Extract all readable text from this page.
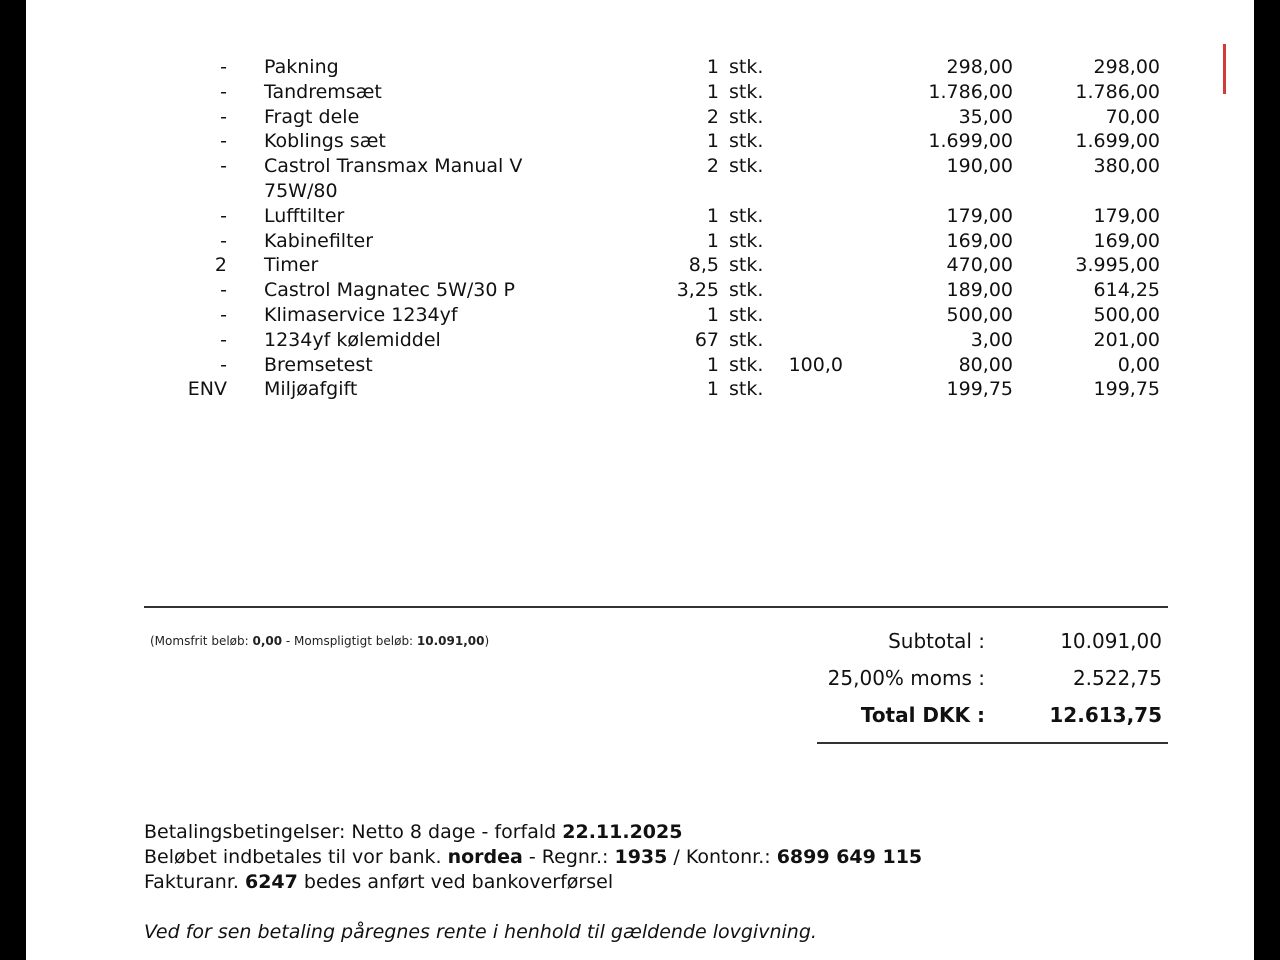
- Pakning	1 stk.	298,00	298,00
- Tandremsæt	1 stk.	1.786,00	1.786,00
- Fragt dele	2 stk.	35,00	70,00
- Koblings sæt	1 stk.	1.699,00	1.699,00
- Castrol Transmax Manual V	2 stk.	190,00	380,00
75W/80
- Lufftilter	1 stk.	179,00	179,00
- Kabinefilter	1 stk.	169,00	169,00
2 Timer	8,5 stk.	470,00	3.995,00
- Castrol Magnatec 5W/30 P	3,25 stk.	189,00	614,25
- Klimaservice 1234yf	1 stk.	500,00	500,00
- 1234yf kølemiddel	67 stk.	3,00	201,00
- Bremsetest	1 stk. 100,0	80,00	0,00
ENV Miljøafgift	1 stk.	199,75	199,75
(Momsfrit beløb: 0,00 - Momspligtigt beløb: 10.091,00)	Subtotal :	10.091,00
25,00% moms :	2.522,75
Total DKK :	12.613,75
Betalingsbetingelser: Netto 8 dage - forfald 22.11.2025
Beløbet indbetales til vor bank. nordea - Regnr.: 1935 / Kontonr.: 6899 649 115
Fakturanr. 6247 bedes anført ved bankoverførsel
Ved for sen betaling påregnes rente i henhold til gældende lovgivning.
